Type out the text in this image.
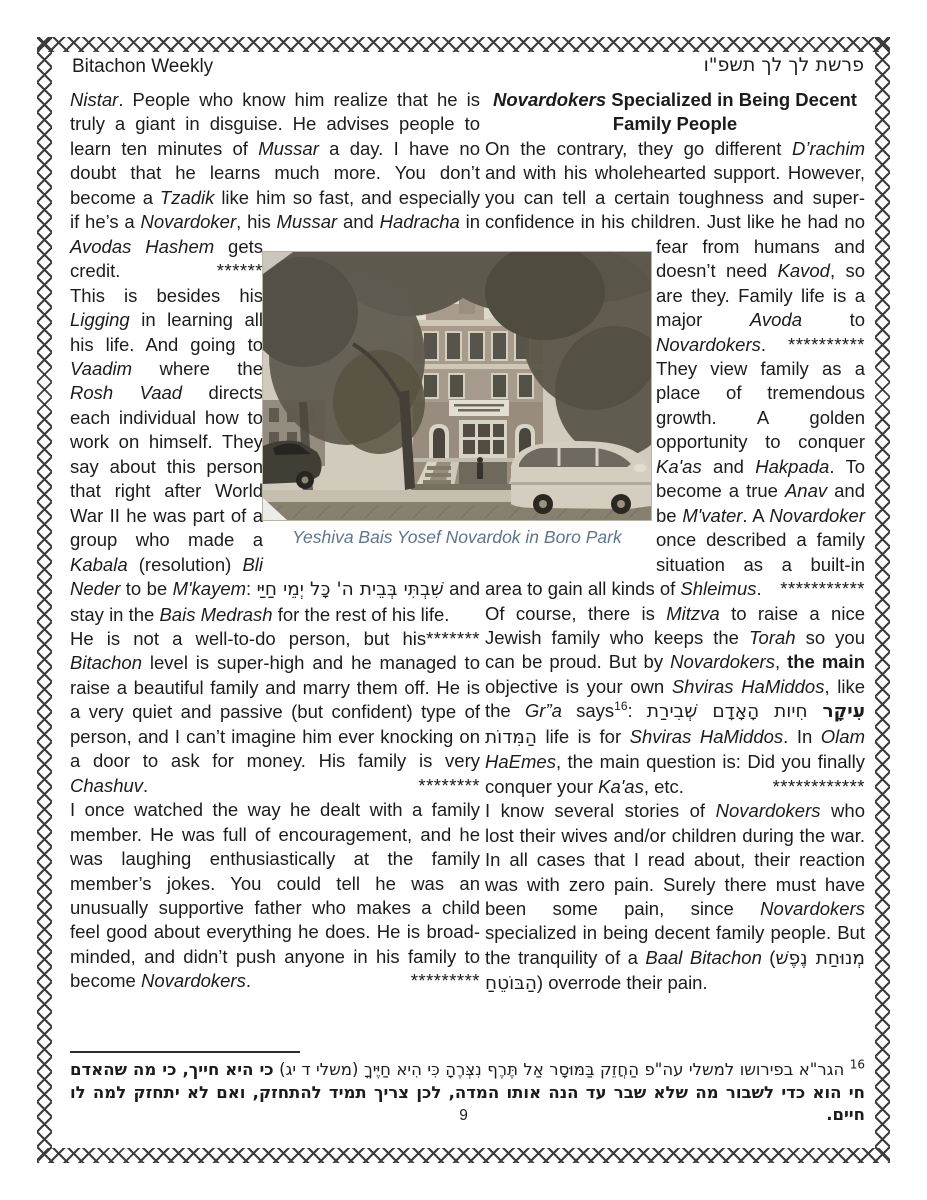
Bitachon Weekly	פרשת לך לך תשפ"ו

Nistar. People who know him realize that he is truly a giant in disguise. He advises people to learn ten minutes of Mussar a day. I have no doubt that he learns much more. You don’t become a Tzadik like him so fast, and especially if he’s a Novardoker, his Mussar and Hadracha in Avodas Hashem gets credit.	******

This is besides his Ligging in learning all his life. And going to Vaadim where the Rosh Vaad directs each individual how to work on himself. They say about this person that right after World War II he was part of a group who made a Kabala (resolution) Bli Neder to be M'kayem: שִׁבְתִּי בְּבֵית ה' כָּל יְמֵי חַיַּי and stay in the Bais Medrash for the rest of his life.
*******

He is not a well-to-do person, but his Bitachon level is super-high and he managed to raise a beautiful family and marry them off. He is a very quiet and passive (but confident) type of person, and I can’t imagine him ever knocking on a door to ask for money. His family is very Chashuv.	********

I once watched the way he dealt with a family member. He was full of encouragement, and he was laughing enthusiastically at the family member’s jokes. You could tell he was an unusually supportive father who makes a child feel good about everything he does. He is broad-minded, and didn’t push anyone in his family to become Novardokers.	*********

Novardokers Specialized in Being Decent Family People

On the contrary, they go different D’rachim and with his wholehearted support. However, you can tell a certain toughness and super-confidence in his children. Just like he had no fear from humans and doesn’t need Kavod, so are they. Family life is a major Avoda to Novardokers. **********

They view family as a place of tremendous growth. A golden opportunity to conquer Ka'as and Hakpada. To become a true Anav and be M'vater. A Novardoker once described a family situation as a built-in area to gain all kinds of Shleimus. ***********

Of course, there is Mitzva to raise a nice Jewish family who keeps the Torah so you can be proud. But by Novardokers, the main objective is your own Shviras HaMiddos, like the Gr”a says$^{16}$:	עִיקָר חִיות הָאָדָם שְׁבִירַת הַמִּדוֹת life is for Shviras HaMiddos. In Olam HaEmes, the main question is: Did you finally conquer your Ka'as, etc.	************

I know several stories of Novardokers who lost their wives and/or children during the war. In all cases that I read about, their reaction was with zero pain. Surely there must have been some pain, since Novardokers specialized in being decent family people. But the tranquility of a Baal Bitachon (מְנוּחַת נֶפֶשׁ הַבּוֹטֵחַ) overrode their pain.

Yeshiva Bais Yosef Novardok in Boro Park
$^{16}$ הגר"א בפירושו למשלי עה"פ הַחֲזֵק בַּמּוּסָר אַל תֶּרֶף נִצְּרֶהָ כִּי הִיא חַיֶּיךָ (משלי ד יג) כי היא חייך, כי מה שהאדם חי הוא כדי לשבור מה שלא שבר עד הנה אותו המדה, לכן צריך תמיד להתחזק, ואם לא יתחזק למה לו חיים.
9
